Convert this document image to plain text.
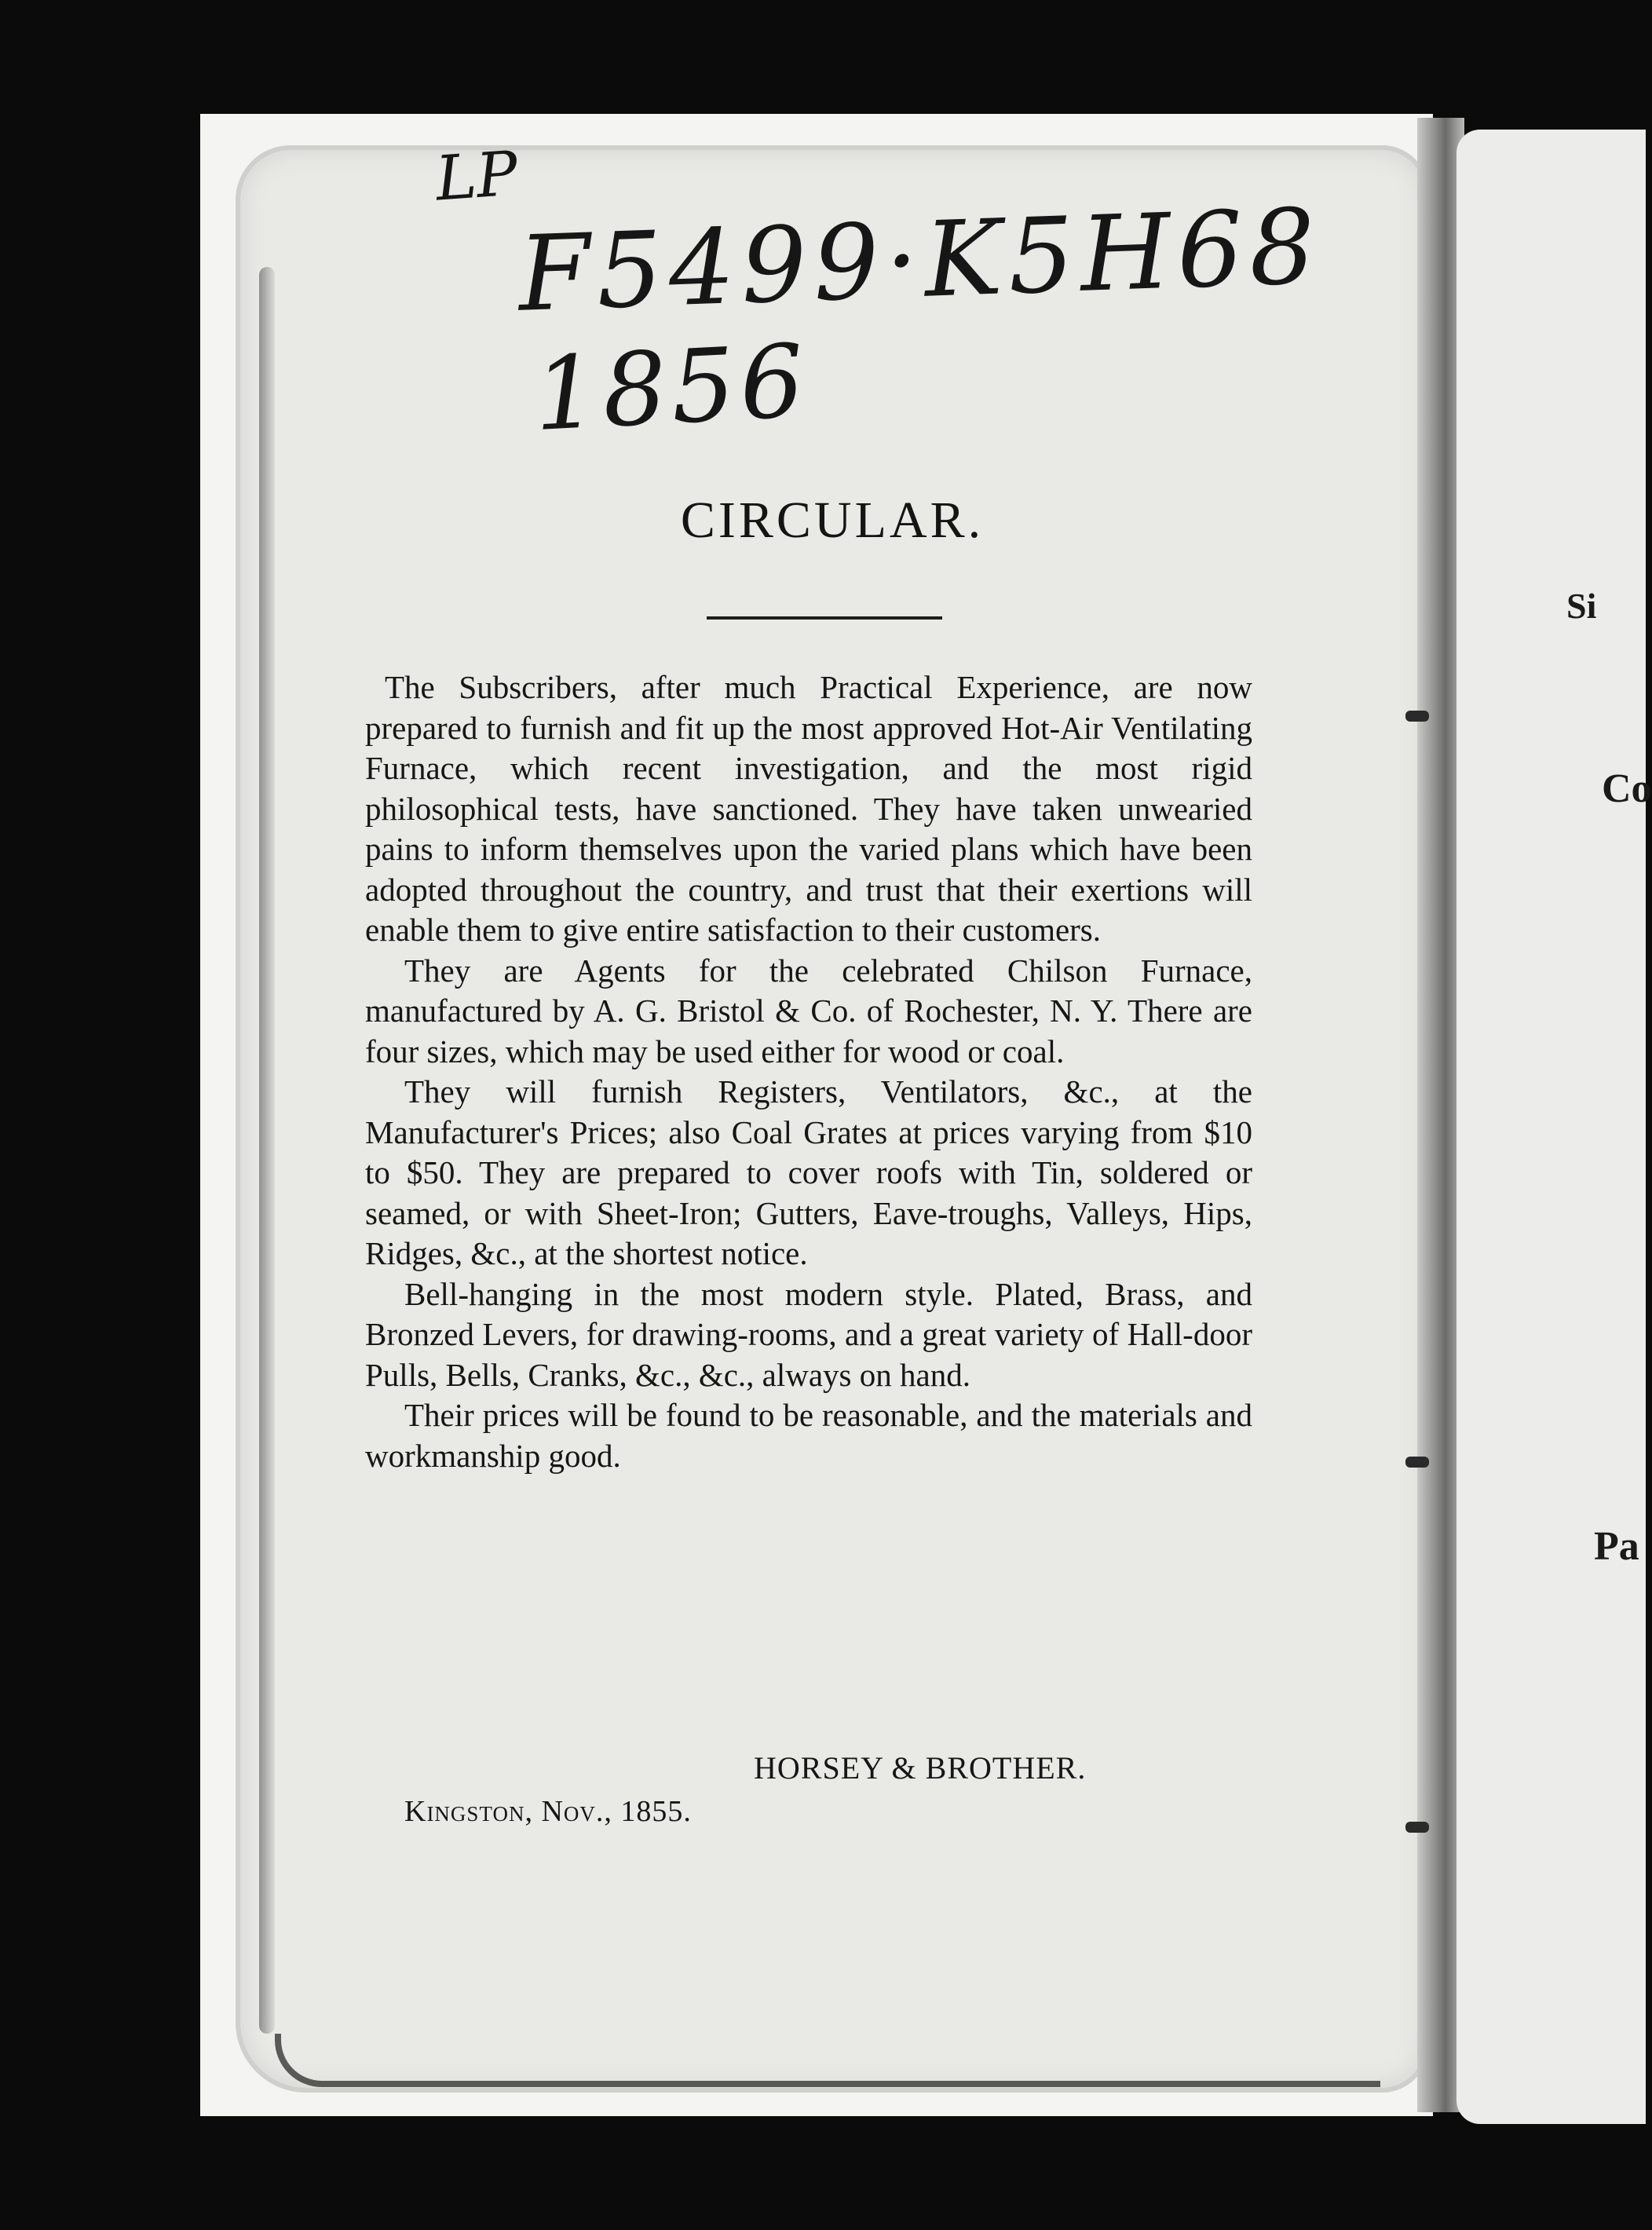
Si
Co
Pa
LP
F5499·K5H68
1856
CIRCULAR.

The Subscribers, after much Practical Experience, are now prepared to furnish and fit up the most approved Hot-Air Ventilating Furnace, which recent investigation, and the most rigid philosophical tests, have sanctioned. They have taken unwearied pains to inform themselves upon the varied plans which have been adopted throughout the country, and trust that their exertions will enable them to give entire satisfaction to their customers.

They are Agents for the celebrated Chilson Furnace, manufactured by A. G. Bristol & Co. of Rochester, N. Y. There are four sizes, which may be used either for wood or coal.

They will furnish Registers, Ventilators, &c., at the Manufacturer's Prices; also Coal Grates at prices varying from $10 to $50. They are prepared to cover roofs with Tin, soldered or seamed, or with Sheet-Iron; Gutters, Eave-troughs, Valleys, Hips, Ridges, &c., at the shortest notice.

Bell-hanging in the most modern style. Plated, Brass, and Bronzed Levers, for drawing-rooms, and a great variety of Hall-door Pulls, Bells, Cranks, &c., &c., always on hand.

Their prices will be found to be reasonable, and the materials and workmanship good.

HORSEY & BROTHER.
Kingston, Nov., 1855.
